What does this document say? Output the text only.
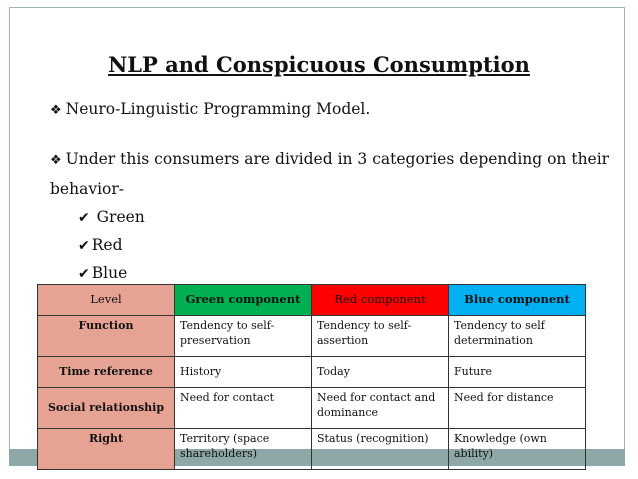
NLP and Conspicuous Consumption
❖ Neuro-Linguistic Programming Model.
❖ Under this consumers are divided in 3 categories depending on their
behavior-
✔ Green
✔ Red
✔ Blue
Level	Green component	Red component	Blue component
Function	Tendency to self-preservation	Tendency to self-assertion	Tendency to self determination
Time reference	History	Today	Future
Social relationship	Need for contact	Need for contact and dominance	Need for distance
Right	Territory (space shareholders)	Status (recognition)	Knowledge (own ability)
